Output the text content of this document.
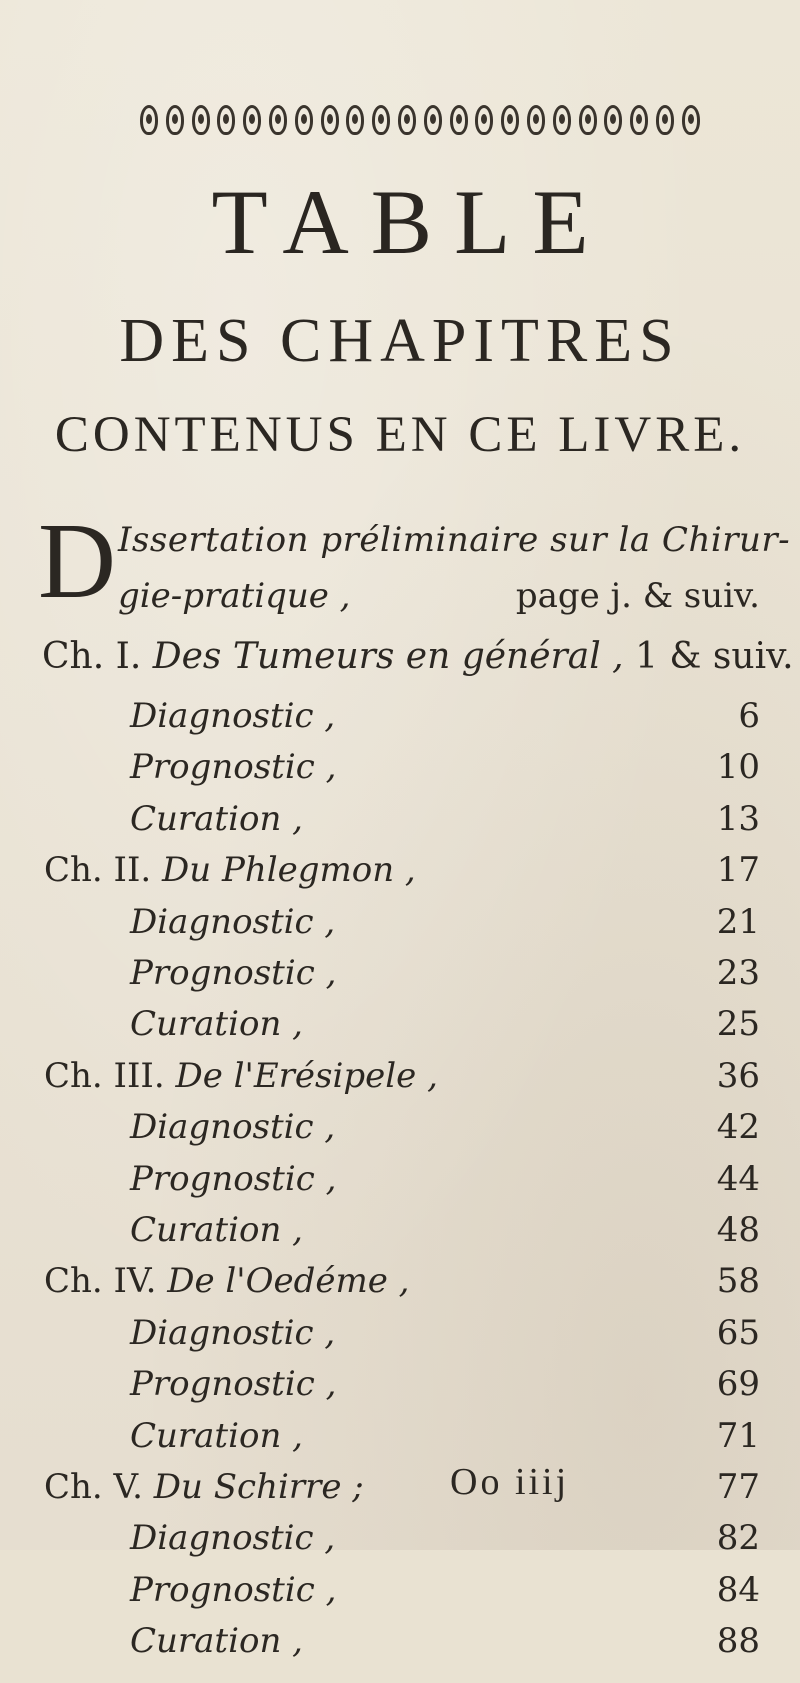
TABLE
DES CHAPITRES
CONTENUS EN CE LIVRE.
D Issertation préliminaire sur la Chirur-
gie-pratique ,	page j. & suiv.
Ch. I. Des Tumeurs en général , 1 & suiv.
Diagnostic ,	6
Prognostic ,	10
Curation ,	13
Ch. II. Du Phlegmon ,	17
Diagnostic ,	21
Prognostic ,	23
Curation ,	25
Ch. III. De l'Erésipele ,	36
Diagnostic ,	42
Prognostic ,	44
Curation ,	48
Ch. IV. De l'Oedéme ,	58
Diagnostic ,	65
Prognostic ,	69
Curation ,	71
Ch. V. Du Schirre ;	77
Diagnostic ,	82
Prognostic ,	84
Curation ,	88
Oo iiij
